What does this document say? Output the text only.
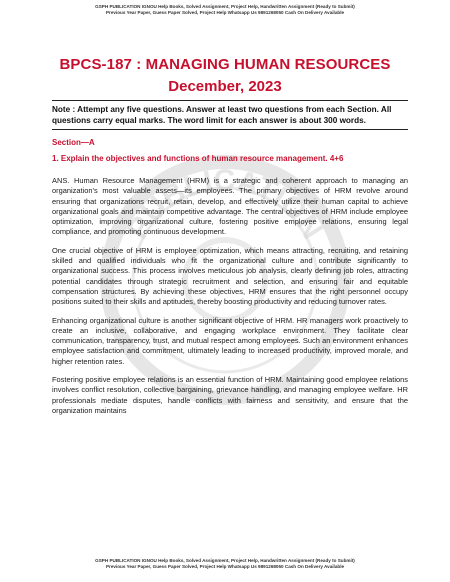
PUBLICATION
GSPH PUBLICATION IGNOU Help Books, Solved Assignment, Project Help, Handwritten Assignment (Ready to Submit)
Previous Year Paper, Guess Paper Solved, Project Help Whatsapp Us 9891268050 Cash On Delivery Available
BPCS-187 : MANAGING HUMAN RESOURCES
December, 2023
Note : Attempt any five questions. Answer at least two questions from each Section. All questions carry equal marks. The word limit for each answer is about 300 words.
Section—A
1. Explain the objectives and functions of human resource management. 4+6

ANS. Human Resource Management (HRM) is a strategic and coherent approach to managing an organization's most valuable assets—its employees. The primary objectives of HRM revolve around ensuring that organizations recruit, retain, develop, and effectively utilize their human capital to achieve organizational goals and maintain competitive advantage. The central objectives of HRM include employee optimization, improving organizational culture, fostering positive employee relations, ensuring legal compliance, and promoting continuous development.

One crucial objective of HRM is employee optimization, which means attracting, recruiting, and retaining skilled and qualified individuals who fit the organizational culture and contribute significantly to organizational success. This process involves meticulous job analysis, clearly defining job roles, attracting potential candidates through strategic recruitment and selection, and ensuring fair and equitable compensation structures. By achieving these objectives, HRM ensures that the right personnel occupy positions suited to their skills and aptitudes, thereby boosting productivity and reducing turnover rates.

Enhancing organizational culture is another significant objective of HRM. HR managers work proactively to create an inclusive, collaborative, and engaging workplace environment. They facilitate clear communication, transparency, trust, and mutual respect among employees. Such an environment enhances employee satisfaction and commitment, ultimately leading to increased productivity, improved morale, and higher retention rates.

Fostering positive employee relations is an essential function of HRM. Maintaining good employee relations involves conflict resolution, collective bargaining, grievance handling, and managing employee welfare. HR professionals mediate disputes, handle conflicts with fairness and sensitivity, and ensure that the organization maintains

GSPH PUBLICATION IGNOU Help Books, Solved Assignment, Project Help, Handwritten Assignment (Ready to Submit)
Previous Year Paper, Guess Paper Solved, Project Help Whatsapp Us 9891268050 Cash On Delivery Available
